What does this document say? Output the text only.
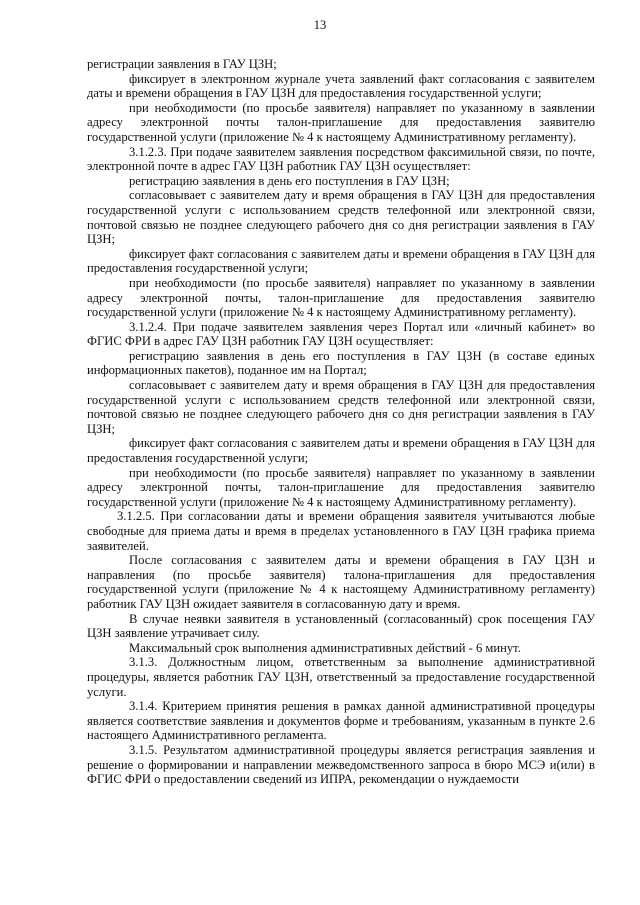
13

регистрации заявления в ГАУ ЦЗН;

фиксирует в электронном журнале учета заявлений факт согласования с заявителем даты и времени обращения в ГАУ ЦЗН для предоставления государственной услуги;

при необходимости (по просьбе заявителя) направляет по указанному в заявлении адресу электронной почты талон-приглашение для предоставления заявителю государственной услуги (приложение № 4 к настоящему Административному регламенту).

3.1.2.3. При подаче заявителем заявления посредством факсимильной связи, по почте, электронной почте в адрес ГАУ ЦЗН работник ГАУ ЦЗН осуществляет:

регистрацию заявления в день его поступления в ГАУ ЦЗН;

согласовывает с заявителем дату и время обращения в ГАУ ЦЗН для предоставления государственной услуги с использованием средств телефонной или электронной связи, почтовой связью не позднее следующего рабочего дня со дня регистрации заявления в ГАУ ЦЗН;

фиксирует факт согласования с заявителем даты и времени обращения в ГАУ ЦЗН для предоставления государственной услуги;

при необходимости (по просьбе заявителя) направляет по указанному в заявлении адресу электронной почты, талон-приглашение для предоставления заявителю государственной услуги (приложение № 4 к настоящему Административному регламенту).

3.1.2.4. При подаче заявителем заявления через Портал или «личный кабинет» во ФГИС ФРИ в адрес ГАУ ЦЗН работник ГАУ ЦЗН осуществляет:

регистрацию заявления в день его поступления в ГАУ ЦЗН (в составе единых информационных пакетов), поданное им на Портал;

согласовывает с заявителем дату и время обращения в ГАУ ЦЗН для предоставления государственной услуги с использованием средств телефонной или электронной связи, почтовой связью не позднее следующего рабочего дня со дня регистрации заявления в ГАУ ЦЗН;

фиксирует факт согласования с заявителем даты и времени обращения в ГАУ ЦЗН для предоставления государственной услуги;

при необходимости (по просьбе заявителя) направляет по указанному в заявлении адресу электронной почты, талон-приглашение для предоставления заявителю государственной услуги (приложение № 4 к настоящему Административному регламенту).

3.1.2.5. При согласовании даты и времени обращения заявителя учитываются любые свободные для приема даты и время в пределах установленного в ГАУ ЦЗН графика приема заявителей.

После согласования с заявителем даты и времени обращения в ГАУ ЦЗН и направления (по просьбе заявителя) талона-приглашения для предоставления государственной услуги (приложение № 4 к настоящему Административному регламенту) работник ГАУ ЦЗН ожидает заявителя в согласованную дату и время.

В случае неявки заявителя в установленный (согласованный) срок посещения ГАУ ЦЗН заявление утрачивает силу.

Максимальный срок выполнения административных действий - 6 минут.

3.1.3. Должностным лицом, ответственным за выполнение административной процедуры, является работник ГАУ ЦЗН, ответственный за предоставление государственной услуги.

3.1.4. Критерием принятия решения в рамках данной административной процедуры является соответствие заявления и документов форме и требованиям, указанным в пункте 2.6 настоящего Административного регламента.

3.1.5. Результатом административной процедуры является регистрация заявления и решение о формировании и направлении межведомственного запроса в бюро МСЭ и(или) в ФГИС ФРИ о предоставлении сведений из ИПРА, рекомендации о нуждаемости
